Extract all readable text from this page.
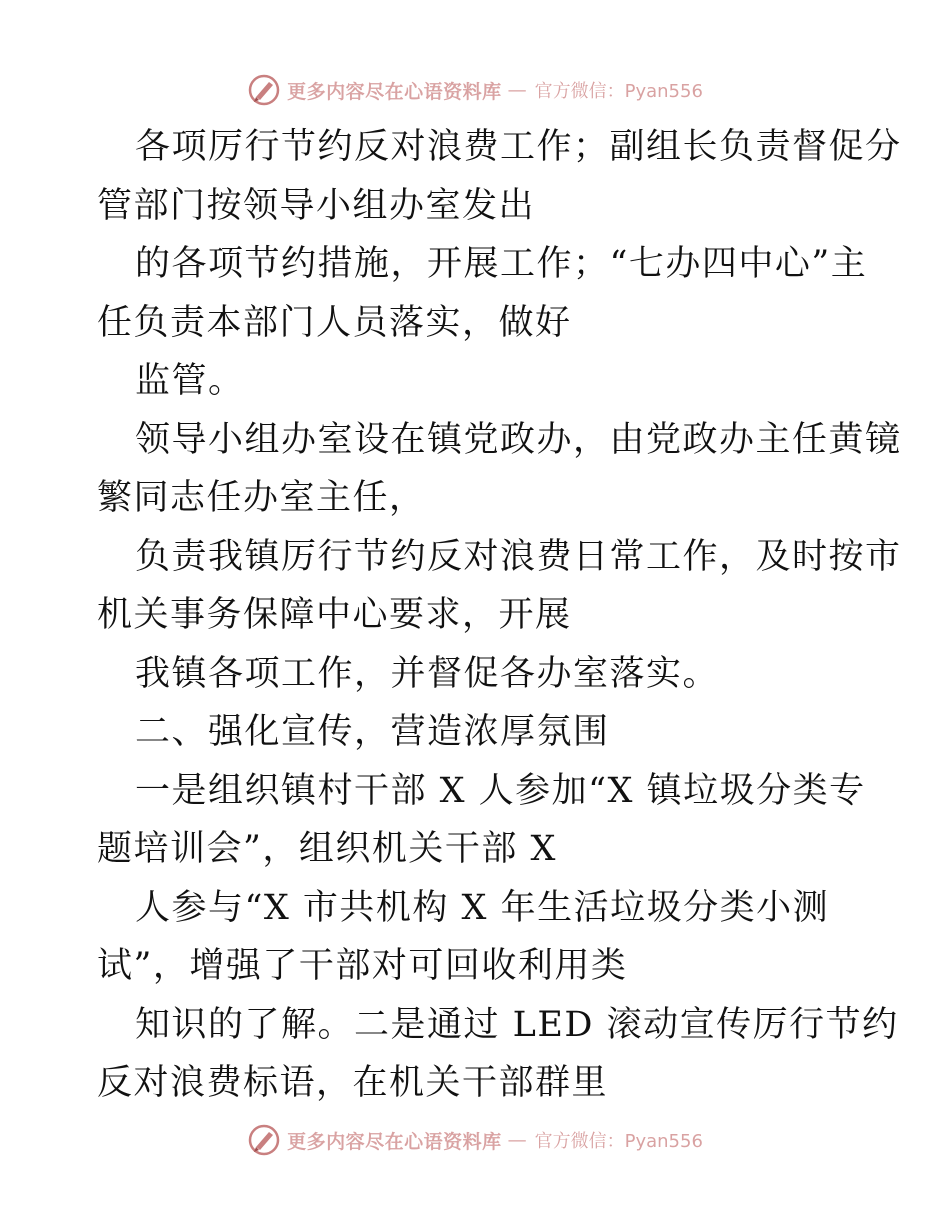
更多内容尽在心语资料库 — 官方微信：Pyan556
各项厉行节约反对浪费工作；副组长负责督促分
管部门按领导小组办室发出
的各项节约措施，开展工作；“七办四中心”主
任负责本部门人员落实，做好
监管。
领导小组办室设在镇党政办，由党政办主任黄镜
繁同志任办室主任，
负责我镇厉行节约反对浪费日常工作，及时按市
机关事务保障中心要求，开展
我镇各项工作，并督促各办室落实。
二、强化宣传，营造浓厚氛围
一是组织镇村干部 X 人参加“X 镇垃圾分类专
题培训会”，组织机关干部 X
人参与“X 市共机构 X 年生活垃圾分类小测
试”，增强了干部对可回收利用类
知识的了解。二是通过 LED 滚动宣传厉行节约
反对浪费标语，在机关干部群里
更多内容尽在心语资料库 — 官方微信：Pyan556
